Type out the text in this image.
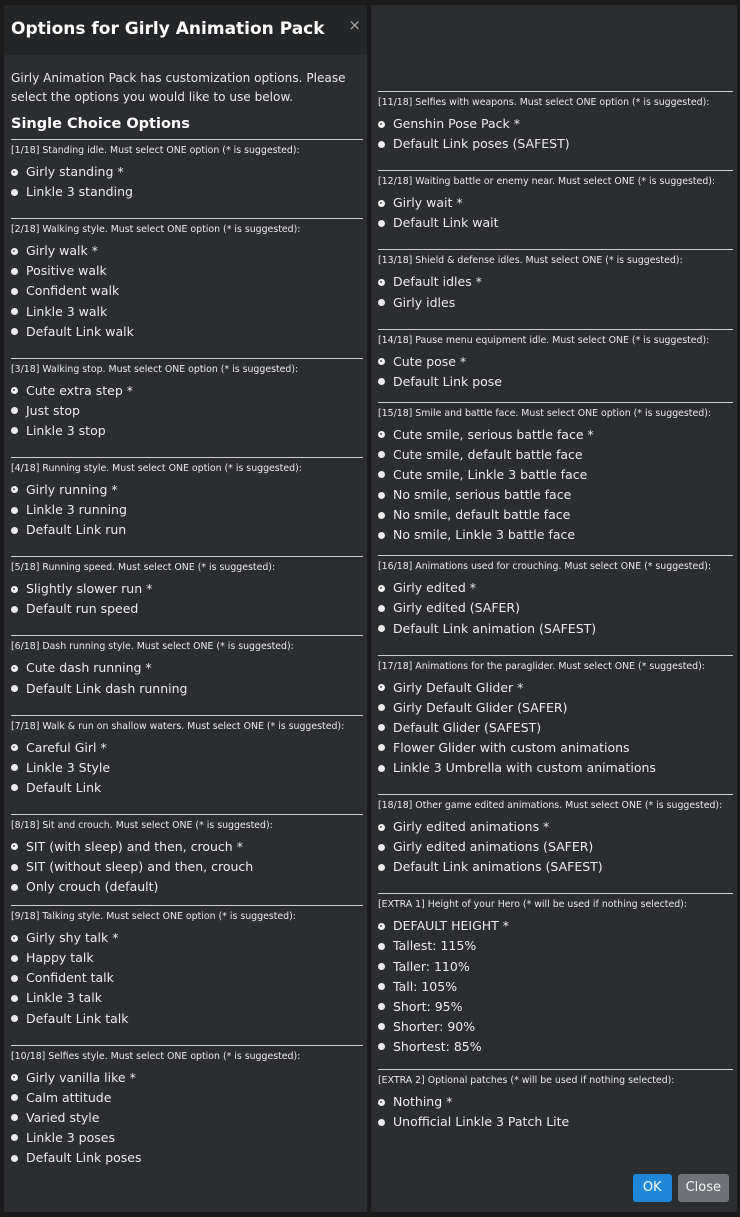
Options for Girly Animation Pack ×
Girly Animation Pack has customization options. Please select the options you would like to use below.
Single Choice Options
[1/18] Standing idle. Must select ONE option (* is suggested):
Girly standing *
Linkle 3 standing
[2/18] Walking style. Must select ONE option (* is suggested):
Girly walk *
Positive walk
Confident walk
Linkle 3 walk
Default Link walk
[3/18] Walking stop. Must select ONE option (* is suggested):
Cute extra step *
Just stop
Linkle 3 stop
[4/18] Running style. Must select ONE option (* is suggested):
Girly running *
Linkle 3 running
Default Link run
[5/18] Running speed. Must select ONE (* is suggested):
Slightly slower run *
Default run speed
[6/18] Dash running style. Must select ONE (* is suggested):
Cute dash running *
Default Link dash running
[7/18] Walk & run on shallow waters. Must select ONE (* is suggested):
Careful Girl *
Linkle 3 Style
Default Link
[8/18] Sit and crouch. Must select ONE (* is suggested):
SIT (with sleep) and then, crouch *
SIT (without sleep) and then, crouch
Only crouch (default)
[9/18] Talking style. Must select ONE option (* is suggested):
Girly shy talk *
Happy talk
Confident talk
Linkle 3 talk
Default Link talk
[10/18] Selfies style. Must select ONE option (* is suggested):
Girly vanilla like *
Calm attitude
Varied style
Linkle 3 poses
Default Link poses
[11/18] Selfies with weapons. Must select ONE option (* is suggested):
Genshin Pose Pack *
Default Link poses (SAFEST)
[12/18] Waiting battle or enemy near. Must select ONE (* is suggested):
Girly wait *
Default Link wait
[13/18] Shield & defense idles. Must select ONE (* is suggested):
Default idles *
Girly idles
[14/18] Pause menu equipment idle. Must select ONE (* is suggested):
Cute pose *
Default Link pose
[15/18] Smile and battle face. Must select ONE option (* is suggested):
Cute smile, serious battle face *
Cute smile, default battle face
Cute smile, Linkle 3 battle face
No smile, serious battle face
No smile, default battle face
No smile, Linkle 3 battle face
[16/18] Animations used for crouching. Must select ONE (* suggested):
Girly edited *
Girly edited (SAFER)
Default Link animation (SAFEST)
[17/18] Animations for the paraglider. Must select ONE (* suggested):
Girly Default Glider *
Girly Default Glider (SAFER)
Default Glider (SAFEST)
Flower Glider with custom animations
Linkle 3 Umbrella with custom animations
[18/18] Other game edited animations. Must select ONE (* is suggested):
Girly edited animations *
Girly edited animations (SAFER)
Default Link animations (SAFEST)
[EXTRA 1] Height of your Hero (* will be used if nothing selected):
DEFAULT HEIGHT *
Tallest: 115%
Taller: 110%
Tall: 105%
Short: 95%
Shorter: 90%
Shortest: 85%
[EXTRA 2] Optional patches (* will be used if nothing selected):
Nothing *
Unofficial Linkle 3 Patch Lite
OK	Close
